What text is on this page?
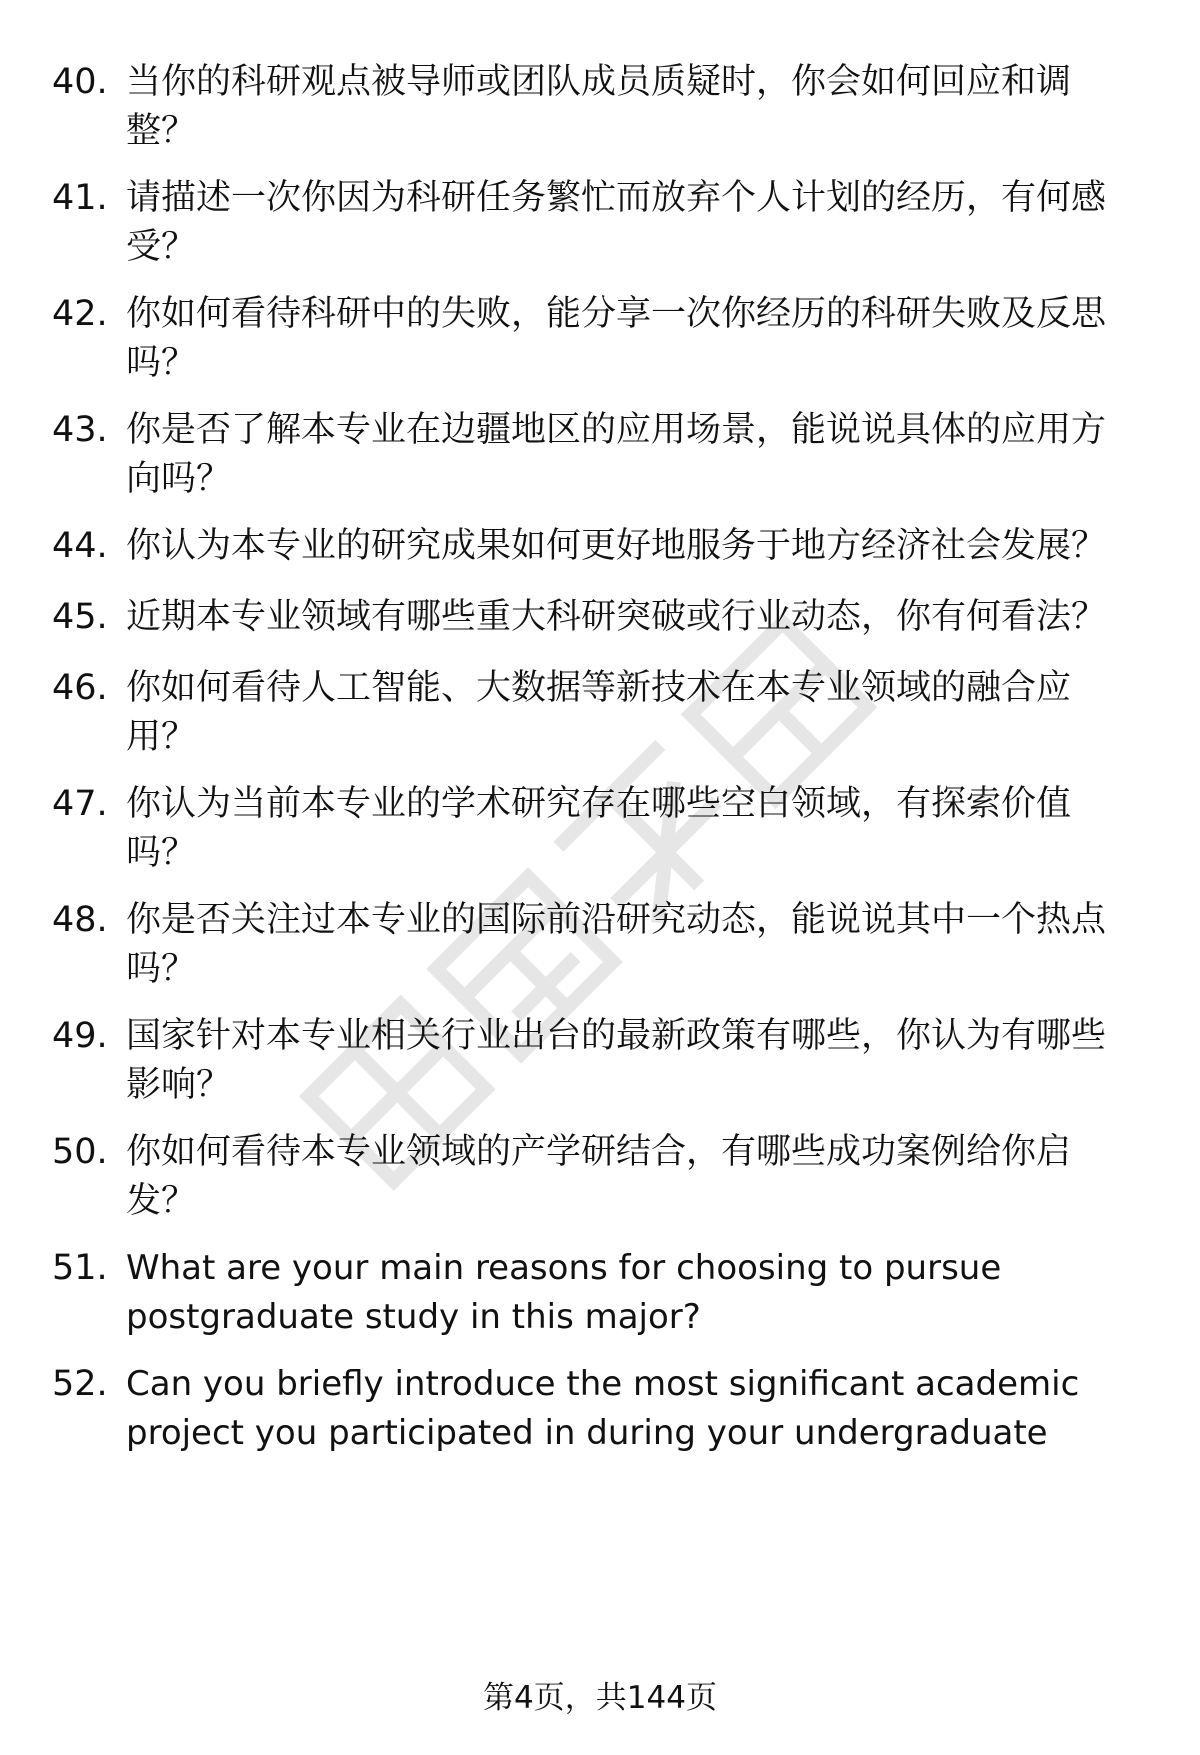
40. 当你的科研观点被导师或团队成员质疑时，你会如何回应和调整？
41. 请描述一次你因为科研任务繁忙而放弃个人计划的经历，有何感受？
42. 你如何看待科研中的失败，能分享一次你经历的科研失败及反思吗？
43. 你是否了解本专业在边疆地区的应用场景，能说说具体的应用方向吗？
44. 你认为本专业的研究成果如何更好地服务于地方经济社会发展？
45. 近期本专业领域有哪些重大科研突破或行业动态，你有何看法？
46. 你如何看待人工智能、大数据等新技术在本专业领域的融合应用？
47. 你认为当前本专业的学术研究存在哪些空白领域，有探索价值吗？
48. 你是否关注过本专业的国际前沿研究动态，能说说其中一个热点吗？
49. 国家针对本专业相关行业出台的最新政策有哪些，你认为有哪些影响？
50. 你如何看待本专业领域的产学研结合，有哪些成功案例给你启发？
51. What are your main reasons for choosing to pursue postgraduate study in this major?
52. Can you briefly introduce the most significant academic project you participated in during your undergraduate
第4页，共144页
